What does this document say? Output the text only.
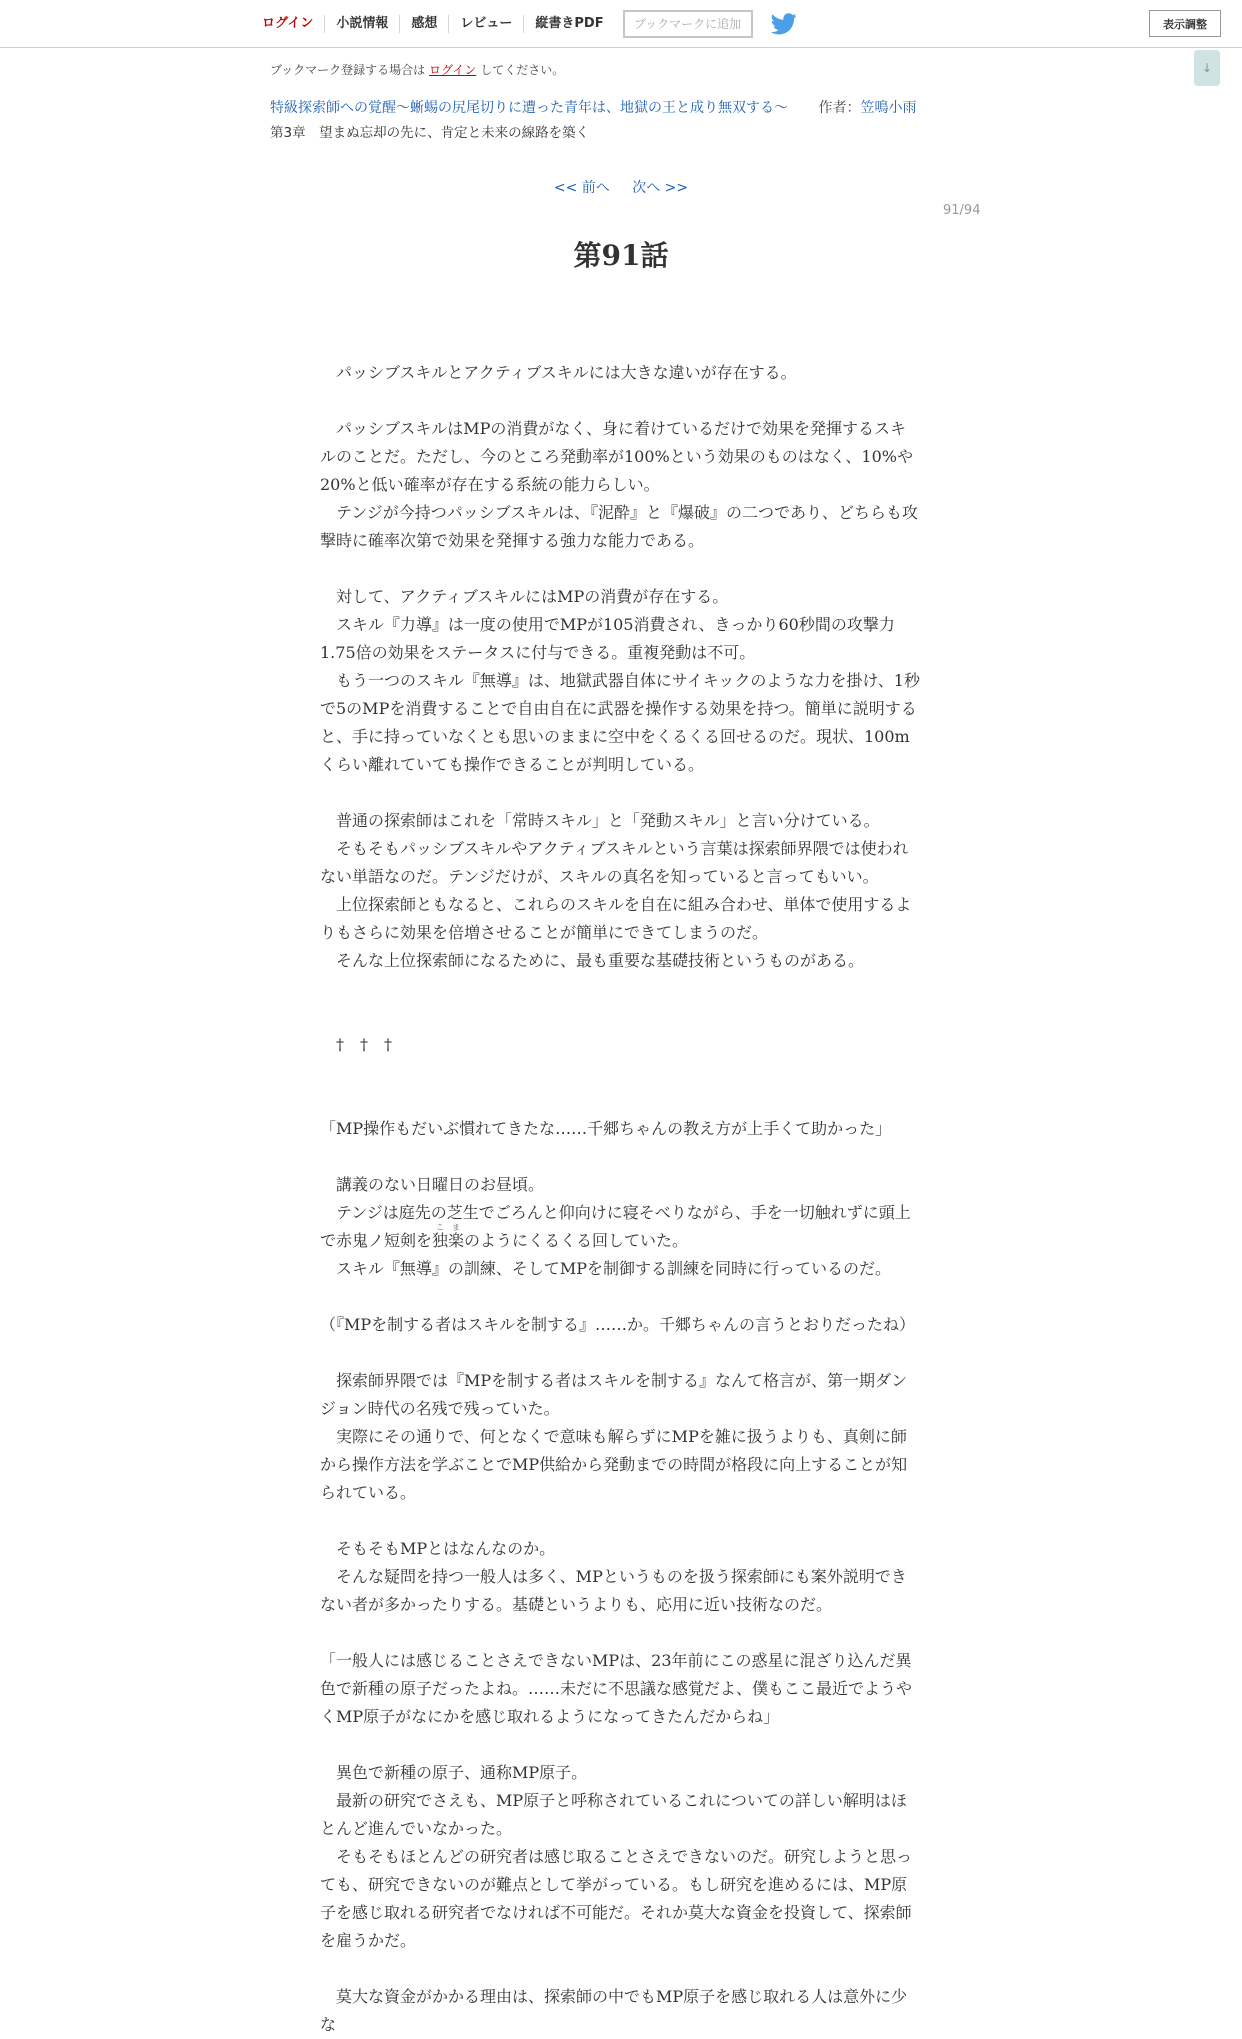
ログイン	小説情報	感想	レビュー	縦書きPDF	ブックマークに追加	表示調整
↓
ブックマーク登録する場合は ログイン してください。
特級探索師への覚醒～蜥蜴の尻尾切りに遭った青年は、地獄の王と成り無双する～ 作者：笠鳴小雨
第3章　望まぬ忘却の先に、肯定と未来の線路を築く
<< 前へ 次へ >>
91/94
第91話

　パッシブスキルとアクティブスキルには大きな違いが存在する。

　パッシブスキルはMPの消費がなく、身に着けているだけで効果を発揮するスキルのことだ。ただし、今のところ発動率が100%という効果のものはなく、10%や20%と低い確率が存在する系統の能力らしい。

　テンジが今持つパッシブスキルは、『泥酔』と『爆破』の二つであり、どちらも攻撃時に確率次第で効果を発揮する強力な能力である。

　対して、アクティブスキルにはMPの消費が存在する。

　スキル『力導』は一度の使用でMPが105消費され、きっかり60秒間の攻撃力1.75倍の効果をステータスに付与できる。重複発動は不可。

　もう一つのスキル『無導』は、地獄武器自体にサイキックのような力を掛け、1秒で5のMPを消費することで自由自在に武器を操作する効果を持つ。簡単に説明すると、手に持っていなくとも思いのままに空中をくるくる回せるのだ。現状、100mくらい離れていても操作できることが判明している。

　普通の探索師はこれを「常時スキル」と「発動スキル」と言い分けている。

　そもそもパッシブスキルやアクティブスキルという言葉は探索師界隈では使われない単語なのだ。テンジだけが、スキルの真名を知っていると言ってもいい。

　上位探索師ともなると、これらのスキルを自在に組み合わせ、単体で使用するよりもさらに効果を倍増させることが簡単にできてしまうのだ。

　そんな上位探索師になるために、最も重要な基礎技術というものがある。

　†　†　†

「MP操作もだいぶ慣れてきたな……千郷ちゃんの教え方が上手くて助かった」

　講義のない日曜日のお昼頃。

　テンジは庭先の芝生でごろんと仰向けに寝そべりながら、手を一切触れずに頭上で赤鬼ノ短剣を独楽こまのようにくるくる回していた。

　スキル『無導』の訓練、そしてMPを制御する訓練を同時に行っているのだ。

（『MPを制する者はスキルを制する』……か。千郷ちゃんの言うとおりだったね）

　探索師界隈では『MPを制する者はスキルを制する』なんて格言が、第一期ダンジョン時代の名残で残っていた。

　実際にその通りで、何となくで意味も解らずにMPを雑に扱うよりも、真剣に師から操作方法を学ぶことでMP供給から発動までの時間が格段に向上することが知られている。

　そもそもMPとはなんなのか。

　そんな疑問を持つ一般人は多く、MPというものを扱う探索師にも案外説明できない者が多かったりする。基礎というよりも、応用に近い技術なのだ。

「一般人には感じることさえできないMPは、23年前にこの惑星に混ざり込んだ異色で新種の原子だったよね。……未だに不思議な感覚だよ、僕もここ最近でようやくMP原子がなにかを感じ取れるようになってきたんだからね」

　異色で新種の原子、通称MP原子。

　最新の研究でさえも、MP原子と呼称されているこれについての詳しい解明はほとんど進んでいなかった。

　そもそもほとんどの研究者は感じ取ることさえできないのだ。研究しようと思っても、研究できないのが難点として挙がっている。もし研究を進めるには、MP原子を感じ取れる研究者でなければ不可能だ。それか莫大な資金を投資して、探索師を雇うかだ。

　莫大な資金がかかる理由は、探索師の中でもMP原子を感じ取れる人は意外に少な
